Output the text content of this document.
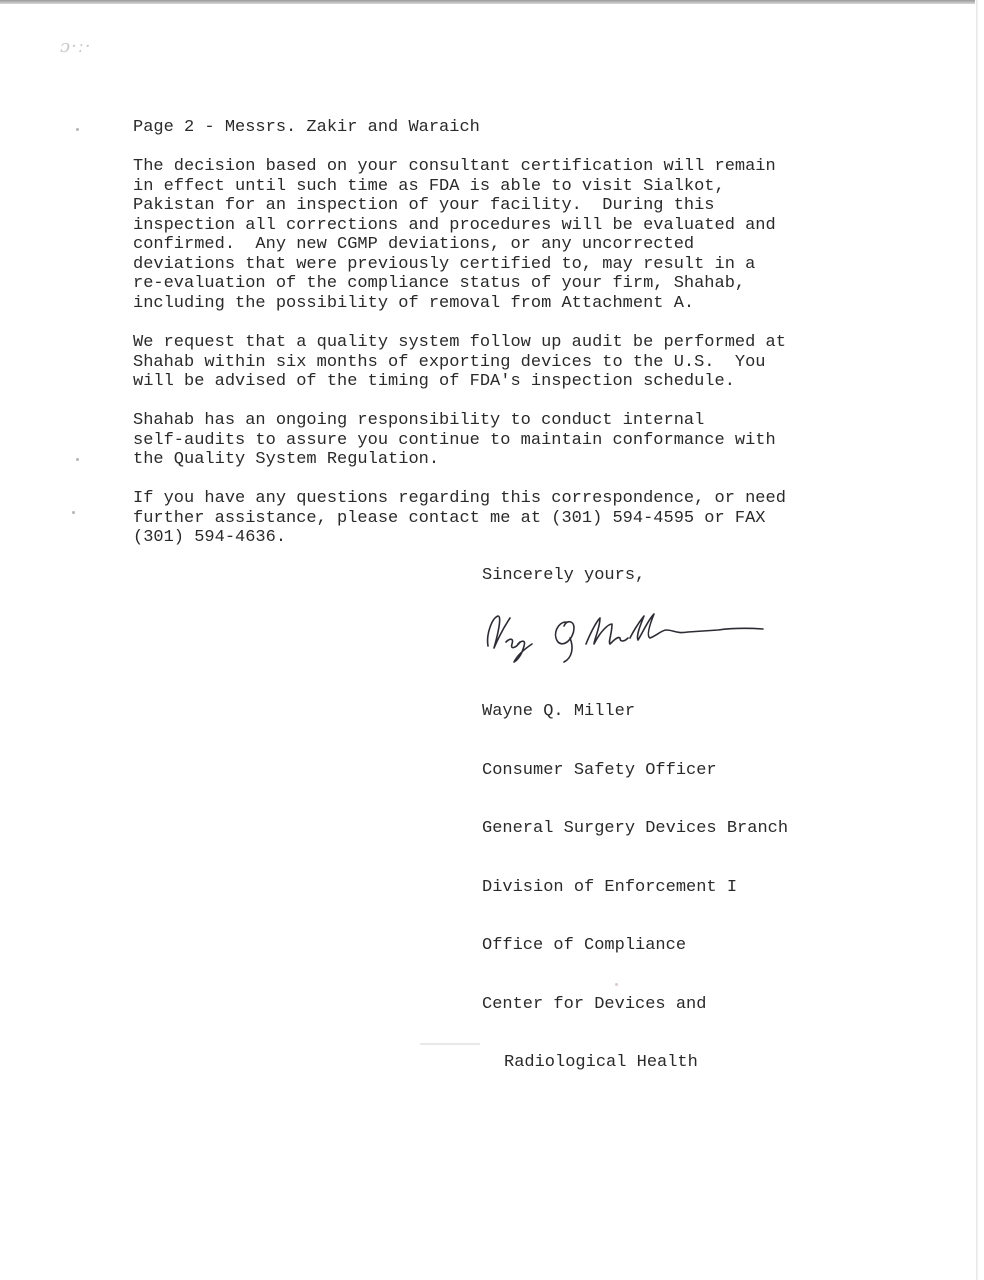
ɔ·ː·

Page 2 - Messrs. Zakir and Waraich

The decision based on your consultant certification will remain
in effect until such time as FDA is able to visit Sialkot,
Pakistan for an inspection of your facility.  During this
inspection all corrections and procedures will be evaluated and
confirmed.  Any new CGMP deviations, or any uncorrected
deviations that were previously certified to, may result in a
re-evaluation of the compliance status of your firm, Shahab,
including the possibility of removal from Attachment A.

We request that a quality system follow up audit be performed at
Shahab within six months of exporting devices to the U.S.  You
will be advised of the timing of FDA's inspection schedule.

Shahab has an ongoing responsibility to conduct internal
self-audits to assure you continue to maintain conformance with
the Quality System Regulation.

If you have any questions regarding this correspondence, or need
further assistance, please contact me at (301) 594-4595 or FAX
(301) 594-4636.

Sincerely yours,

Wayne Q. Miller

Consumer Safety Officer

General Surgery Devices Branch

Division of Enforcement I

Office of Compliance

Center for Devices and

Radiological Health
